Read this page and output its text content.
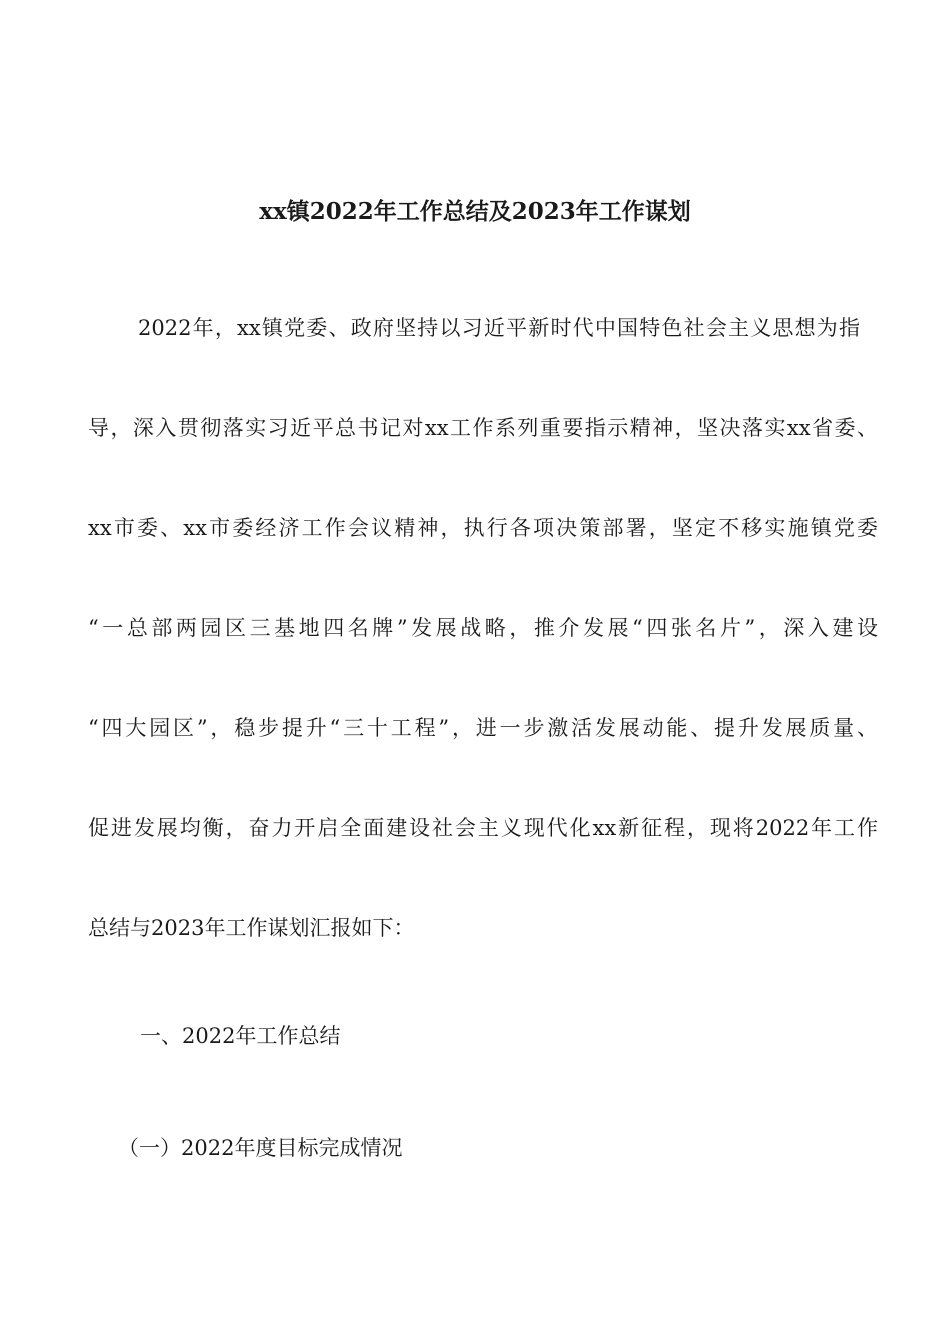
xx镇2022年工作总结及2023年工作谋划
2022年，xx镇党委、政府坚持以习近平新时代中国特色社会主义思想为指
导，深入贯彻落实习近平总书记对xx工作系列重要指示精神，坚决落实xx省委、
xx市委、xx市委经济工作会议精神，执行各项决策部署，坚定不移实施镇党委
“一总部两园区三基地四名牌”发展战略，推介发展“四张名片”，深入建设
“四大园区”，稳步提升“三十工程”，进一步激活发展动能、提升发展质量、
促进发展均衡，奋力开启全面建设社会主义现代化xx新征程，现将2022年工作
总结与2023年工作谋划汇报如下：
一、2022年工作总结
（一）2022年度目标完成情况
